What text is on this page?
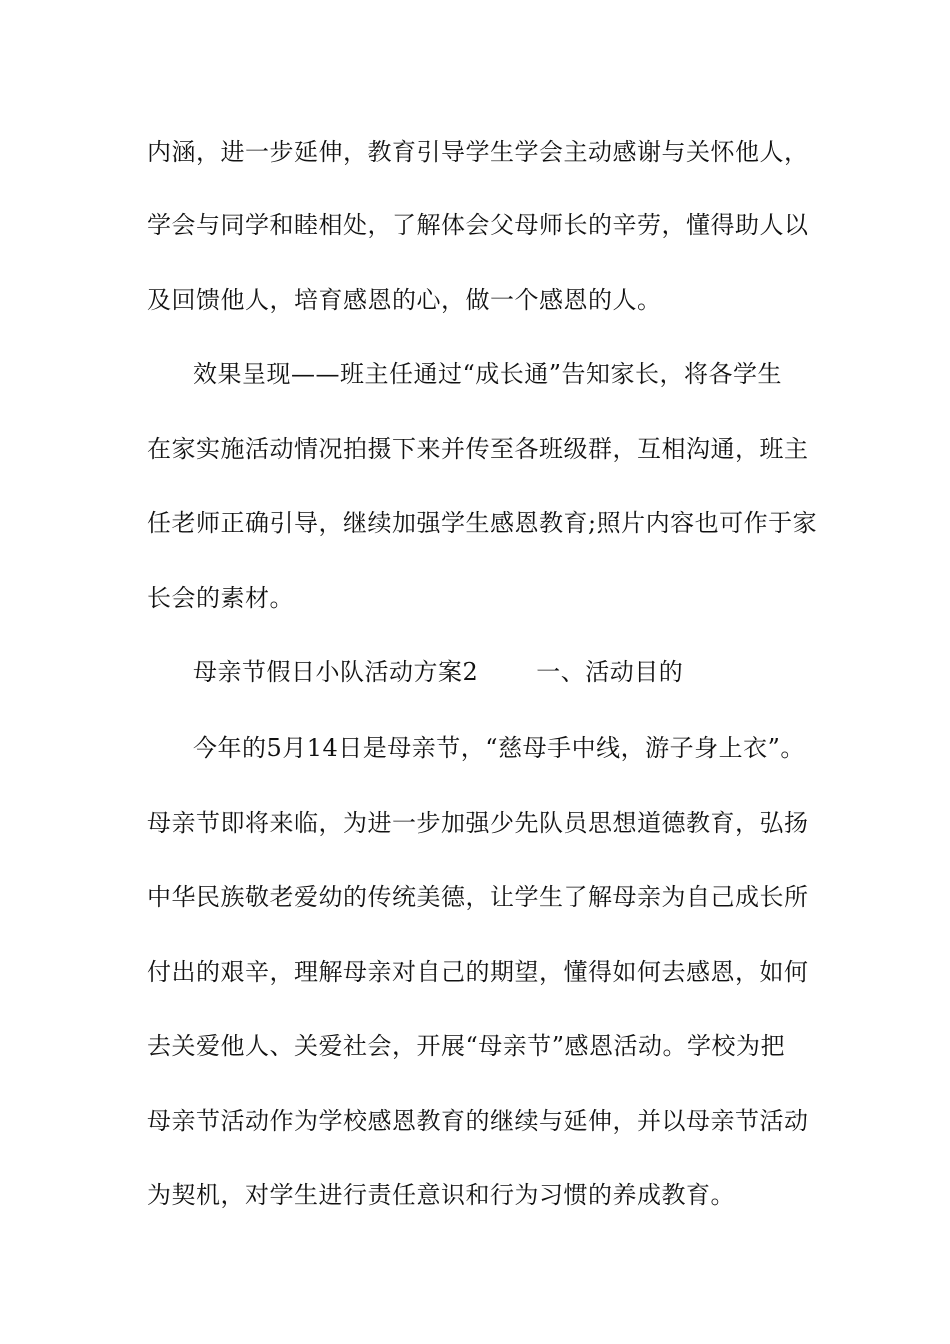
内涵，进一步延伸，教育引导学生学会主动感谢与关怀他人，
学会与同学和睦相处，了解体会父母师长的辛劳，懂得助人以
及回馈他人，培育感恩的心，做一个感恩的人。
效果呈现——班主任通过“成长通”告知家长，将各学生
在家实施活动情况拍摄下来并传至各班级群，互相沟通，班主
任老师正确引导，继续加强学生感恩教育;照片内容也可作于家
长会的素材。
母亲节假日小队活动方案2 一、活动目的
今年的5月14日是母亲节，“慈母手中线，游子身上衣”。
母亲节即将来临，为进一步加强少先队员思想道德教育，弘扬
中华民族敬老爱幼的传统美德，让学生了解母亲为自己成长所
付出的艰辛，理解母亲对自己的期望，懂得如何去感恩，如何
去关爱他人、关爱社会，开展“母亲节”感恩活动。学校为把
母亲节活动作为学校感恩教育的继续与延伸，并以母亲节活动
为契机，对学生进行责任意识和行为习惯的养成教育。
